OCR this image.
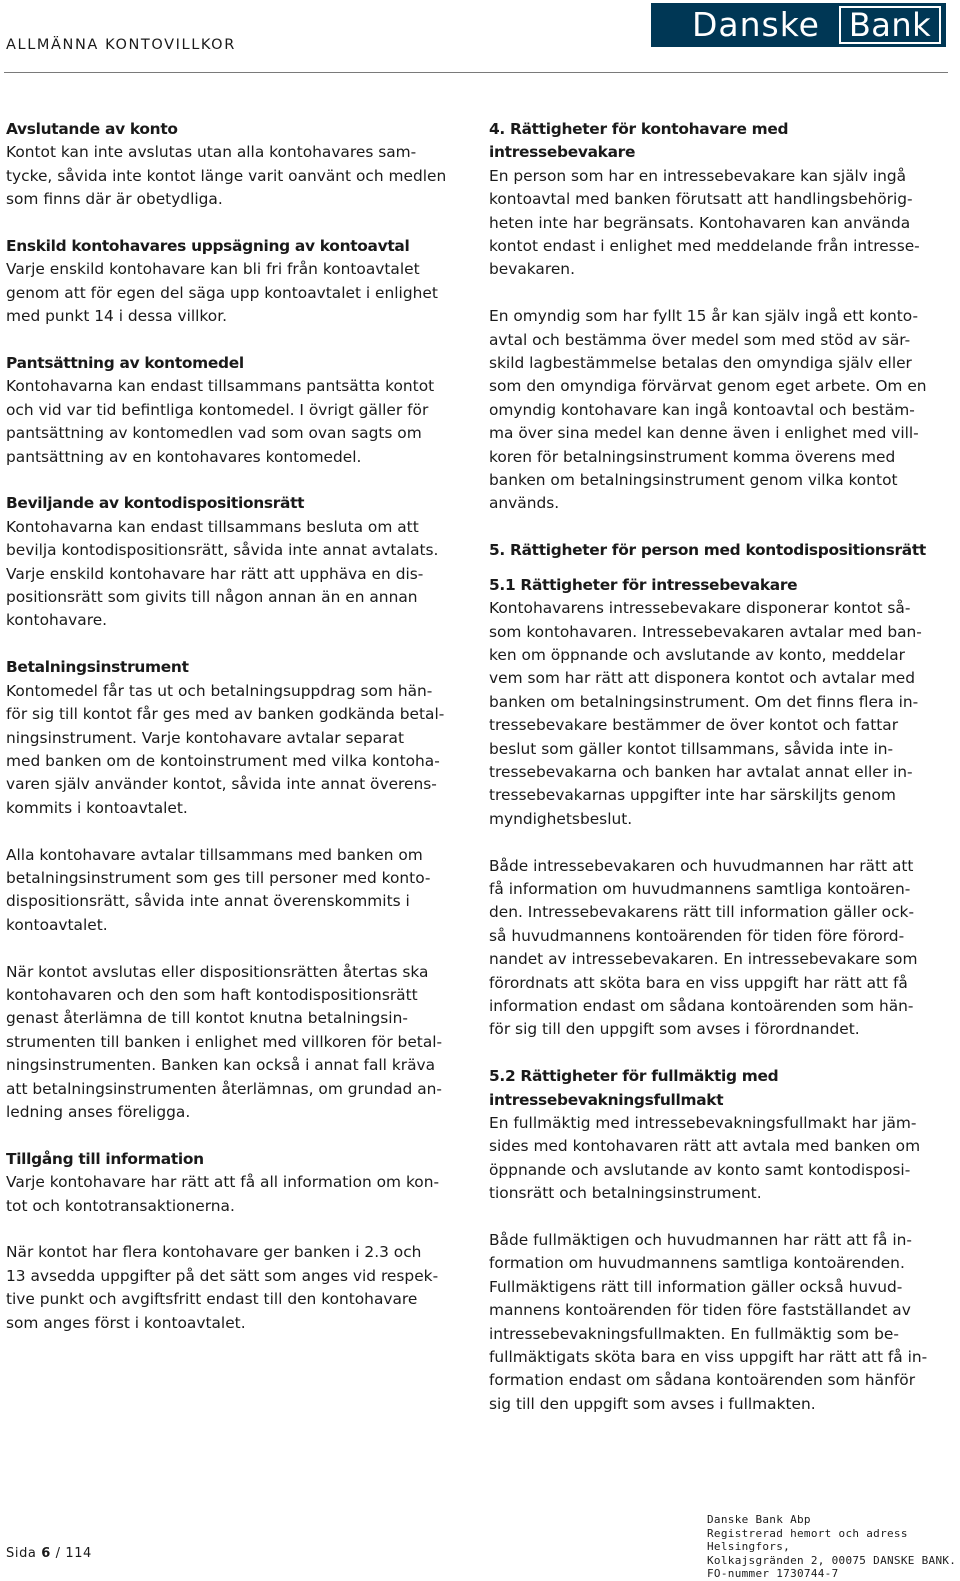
ALLMÄNNA KONTOVILLKOR
Danske Bank
Avslutande av konto

Kontot kan inte avslutas utan alla kontohavares sam-
tycke, såvida inte kontot länge varit oanvänt och medlen
som finns där är obetydliga.

Enskild kontohavares uppsägning av kontoavtal

Varje enskild kontohavare kan bli fri från kontoavtalet
genom att för egen del säga upp kontoavtalet i enlighet
med punkt 14 i dessa villkor.

Pantsättning av kontomedel

Kontohavarna kan endast tillsammans pantsätta kontot
och vid var tid befintliga kontomedel. I övrigt gäller för
pantsättning av kontomedlen vad som ovan sagts om
pantsättning av en kontohavares kontomedel.

Beviljande av kontodispositionsrätt

Kontohavarna kan endast tillsammans besluta om att
bevilja kontodispositionsrätt, såvida inte annat avtalats.
Varje enskild kontohavare har rätt att upphäva en dis-
positionsrätt som givits till någon annan än en annan
kontohavare.

Betalningsinstrument

Kontomedel får tas ut och betalningsuppdrag som hän-
för sig till kontot får ges med av banken godkända betal-
ningsinstrument. Varje kontohavare avtalar separat
med banken om de kontoinstrument med vilka kontoha-
varen själv använder kontot, såvida inte annat överens-
kommits i kontoavtalet.

Alla kontohavare avtalar tillsammans med banken om
betalningsinstrument som ges till personer med konto-
dispositionsrätt, såvida inte annat överenskommits i
kontoavtalet.

När kontot avslutas eller dispositionsrätten återtas ska
kontohavaren och den som haft kontodispositionsrätt
genast återlämna de till kontot knutna betalningsin-
strumenten till banken i enlighet med villkoren för betal-
ningsinstrumenten. Banken kan också i annat fall kräva
att betalningsinstrumenten återlämnas, om grundad an-
ledning anses föreligga.

Tillgång till information

Varje kontohavare har rätt att få all information om kon-
tot och kontotransaktionerna.

När kontot har flera kontohavare ger banken i 2.3 och
13 avsedda uppgifter på det sätt som anges vid respek-
tive punkt och avgiftsfritt endast till den kontohavare
som anges först i kontoavtalet.

4. Rättigheter för kontohavare med
intressebevakare

En person som har en intressebevakare kan själv ingå
kontoavtal med banken förutsatt att handlingsbehörig-
heten inte har begränsats. Kontohavaren kan använda
kontot endast i enlighet med meddelande från intresse-
bevakaren.

En omyndig som har fyllt 15 år kan själv ingå ett konto-
avtal och bestämma över medel som med stöd av sär-
skild lagbestämmelse betalas den omyndiga själv eller
som den omyndiga förvärvat genom eget arbete. Om en
omyndig kontohavare kan ingå kontoavtal och bestäm-
ma över sina medel kan denne även i enlighet med vill-
koren för betalningsinstrument komma överens med
banken om betalningsinstrument genom vilka kontot
används.

5. Rättigheter för person med kontodispositionsrätt
5.1 Rättigheter för intressebevakare

Kontohavarens intressebevakare disponerar kontot så-
som kontohavaren. Intressebevakaren avtalar med ban-
ken om öppnande och avslutande av konto, meddelar
vem som har rätt att disponera kontot och avtalar med
banken om betalningsinstrument. Om det finns flera in-
tressebevakare bestämmer de över kontot och fattar
beslut som gäller kontot tillsammans, såvida inte in-
tressebevakarna och banken har avtalat annat eller in-
tressebevakarnas uppgifter inte har särskiljts genom
myndighetsbeslut.

Både intressebevakaren och huvudmannen har rätt att
få information om huvudmannens samtliga kontoären-
den. Intressebevakarens rätt till information gäller ock-
så huvudmannens kontoärenden för tiden före förord-
nandet av intressebevakaren. En intressebevakare som
förordnats att sköta bara en viss uppgift har rätt att få
information endast om sådana kontoärenden som hän-
för sig till den uppgift som avses i förordnandet.

5.2 Rättigheter för fullmäktig med
intressebevakningsfullmakt

En fullmäktig med intressebevakningsfullmakt har jäm-
sides med kontohavaren rätt att avtala med banken om
öppnande och avslutande av konto samt kontodisposi-
tionsrätt och betalningsinstrument.

Både fullmäktigen och huvudmannen har rätt att få in-
formation om huvudmannens samtliga kontoärenden.
Fullmäktigens rätt till information gäller också huvud-
mannens kontoärenden för tiden före fastställandet av
intressebevakningsfullmakten. En fullmäktig som be-
fullmäktigats sköta bara en viss uppgift har rätt att få in-
formation endast om sådana kontoärenden som hänför
sig till den uppgift som avses i fullmakten.

Sida 6 / 114
Danske Bank Abp
Registrerad hemort och adress Helsingfors,
Kolkajsgränden 2, 00075 DANSKE BANK.
FO-nummer 1730744-7
